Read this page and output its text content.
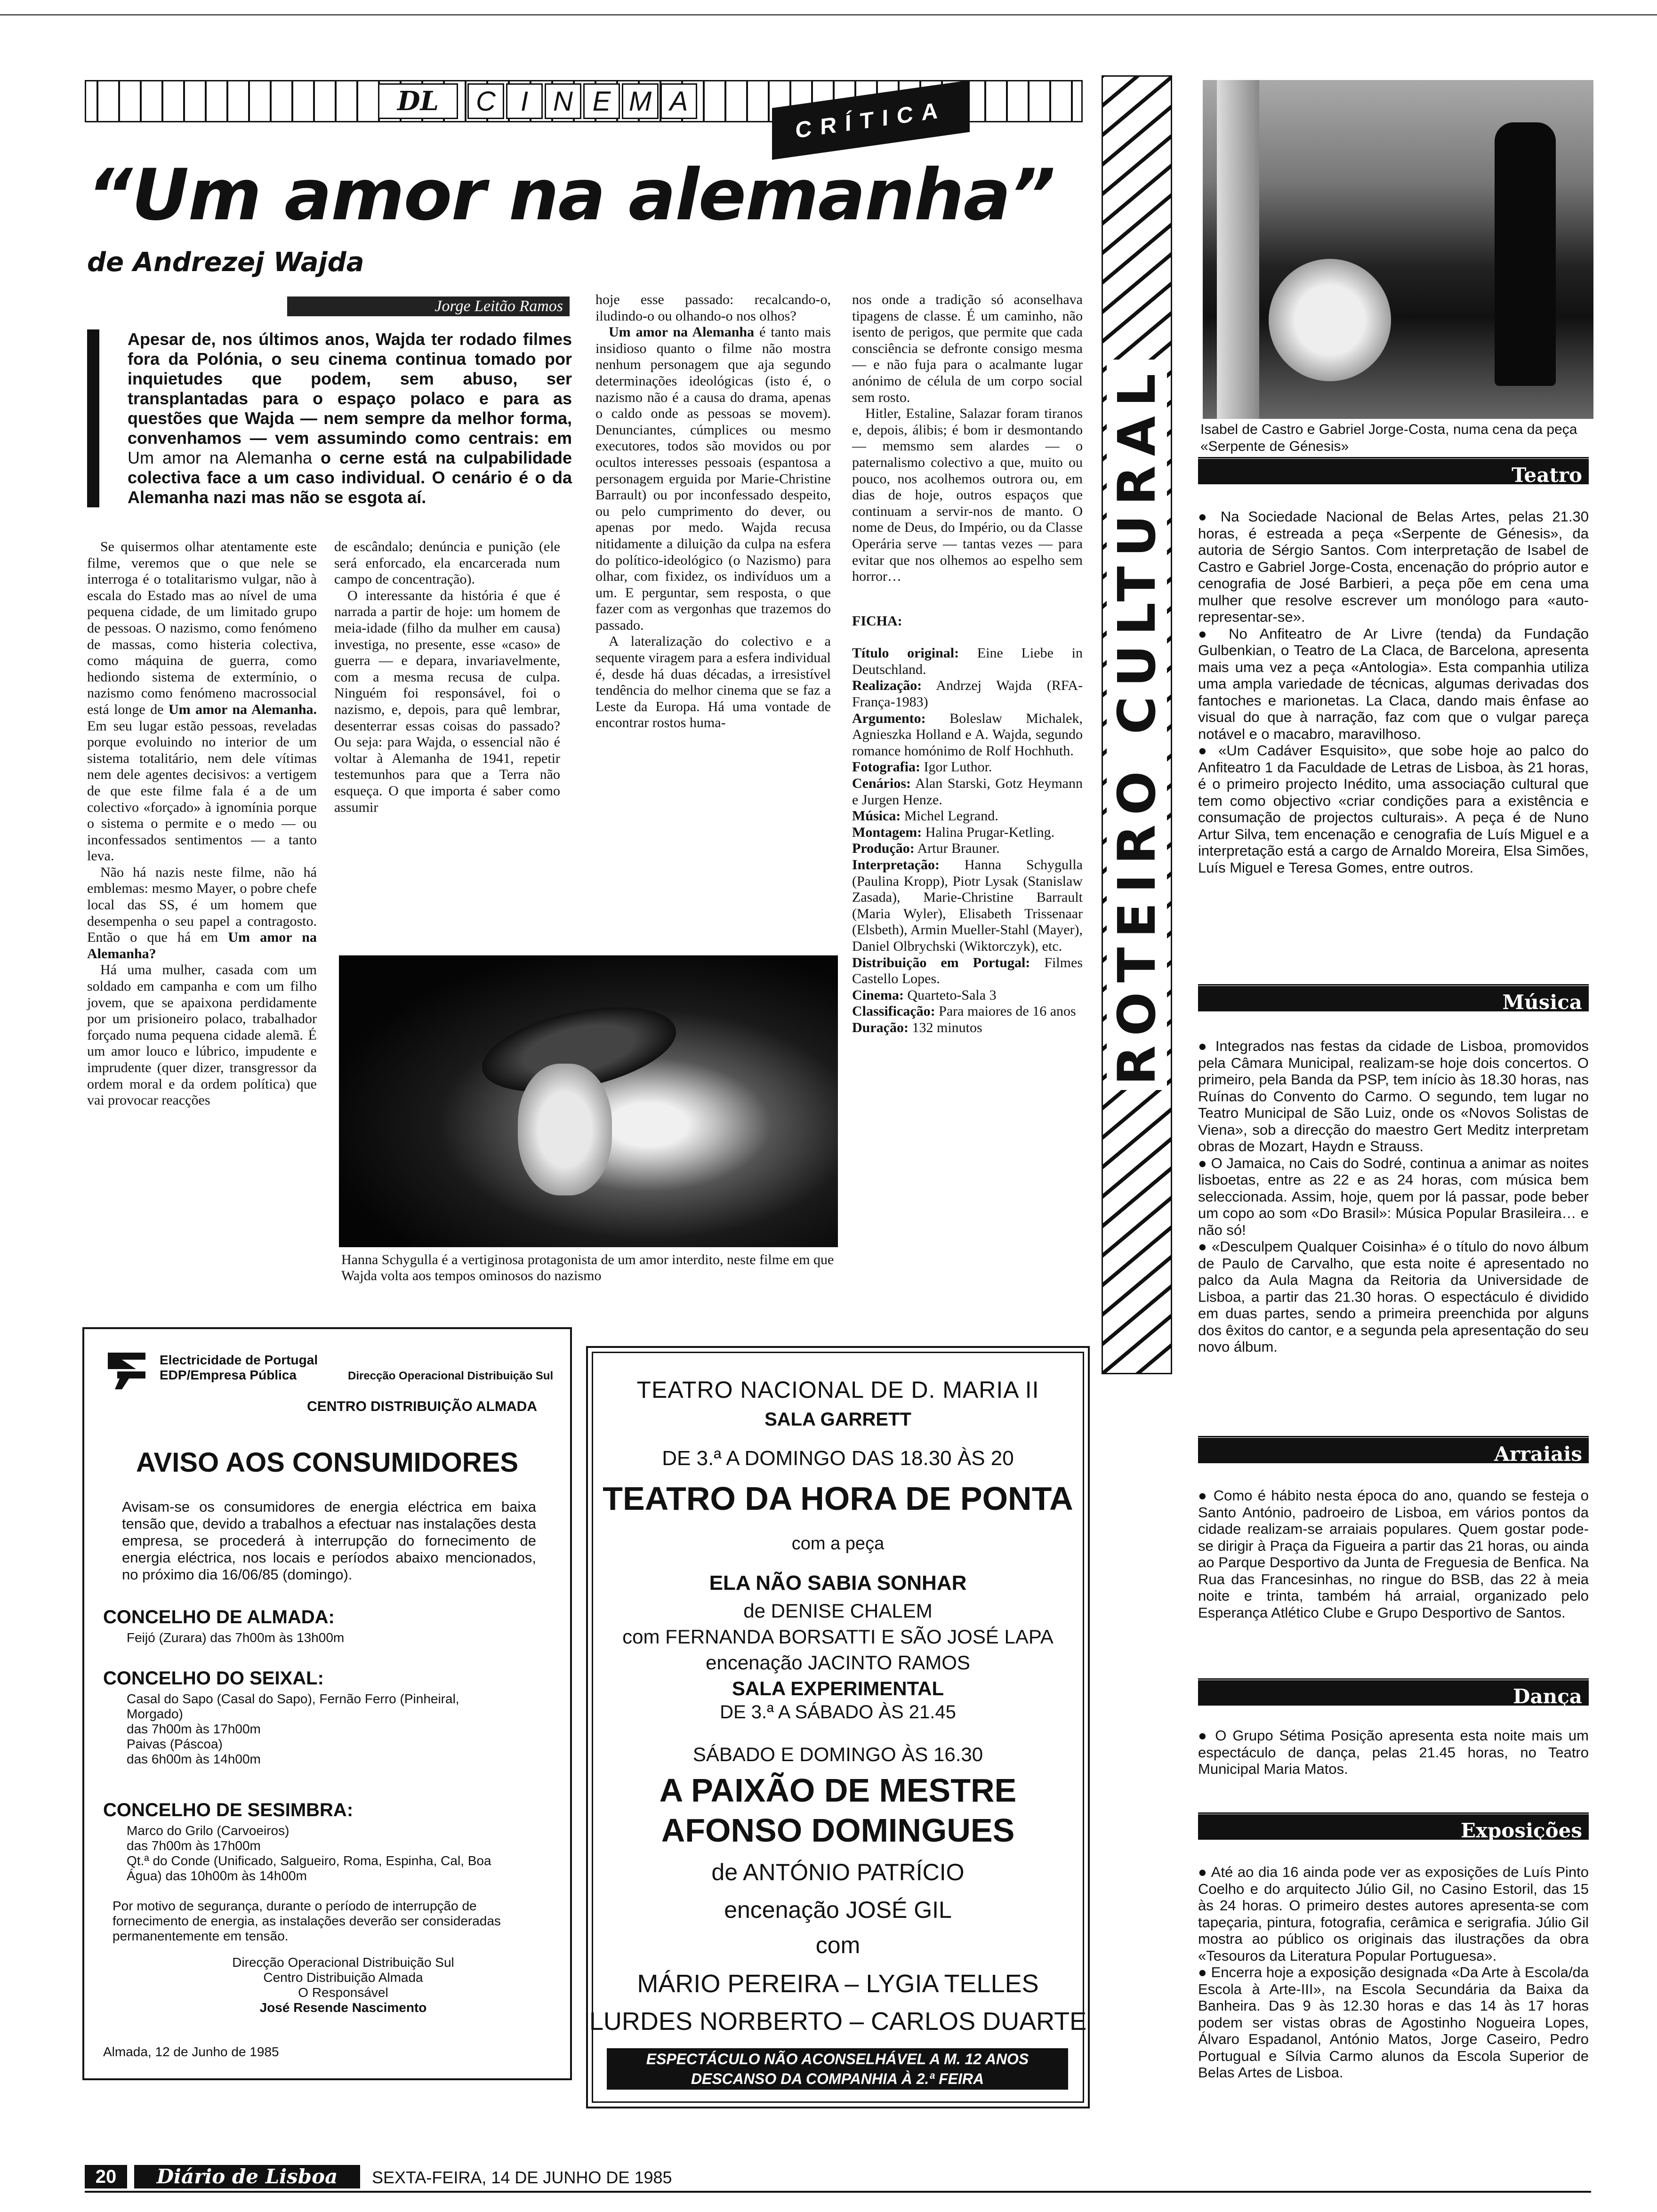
DL	C I N E M A	CRÍTICA
“Um amor na alemanha”
de Andrezej Wajda
Jorge Leitão Ramos
Apesar de, nos últimos anos, Wajda ter rodado filmes fora da Polónia, o seu cinema continua tomado por inquietudes que podem, sem abuso, ser transplantadas para o espaço polaco e para as questões que Wajda — nem sempre da melhor forma, convenhamos — vem assumindo como centrais: em Um amor na Alemanha o cerne está na culpabilidade colectiva face a um caso individual. O cenário é o da Alemanha nazi mas não se esgota aí.

Se quisermos olhar atentamente este filme, veremos que o que nele se interroga é o totalitarismo vulgar, não à escala do Estado mas ao nível de uma pequena cidade, de um limitado grupo de pessoas. O nazismo, como fenómeno de massas, como histeria colectiva, como máquina de guerra, como hediondo sistema de extermínio, o nazismo como fenómeno macrossocial está longe de Um amor na Alemanha. Em seu lugar estão pessoas, reveladas porque evoluindo no interior de um sistema totalitário, nem dele vítimas nem dele agentes decisivos: a vertigem de que este filme fala é a de um colectivo «forçado» à ignomínia porque o sistema o permite e o medo — ou inconfessados sentimentos — a tanto leva.

Não há nazis neste filme, não há emblemas: mesmo Mayer, o pobre chefe local das SS, é um homem que desempenha o seu papel a contragosto. Então o que há em Um amor na Alemanha?

Há uma mulher, casada com um soldado em campanha e com um filho jovem, que se apaixona perdidamente por um prisioneiro polaco, trabalhador forçado numa pequena cidade alemã. É um amor louco e lúbrico, impudente e imprudente (quer dizer, transgressor da ordem moral e da ordem política) que vai provocar reacções

de escândalo; denúncia e punição (ele será enforcado, ela encarcerada num campo de concentração).

O interessante da história é que é narrada a partir de hoje: um homem de meia-idade (filho da mulher em causa) investiga, no presente, esse «caso» de guerra — e depara, invariavelmente, com a mesma recusa de culpa. Ninguém foi responsável, foi o nazismo, e, depois, para quê lembrar, desenterrar essas coisas do passado? Ou seja: para Wajda, o essencial não é voltar à Alemanha de 1941, repetir testemunhos para que a Terra não esqueça. O que importa é saber como assumir

hoje esse passado: recalcando-o, iludindo-o ou olhando-o nos olhos?

Um amor na Alemanha é tanto mais insidioso quanto o filme não mostra nenhum personagem que aja segundo determinações ideológicas (isto é, o nazismo não é a causa do drama, apenas o caldo onde as pessoas se movem). Denunciantes, cúmplices ou mesmo executores, todos são movidos ou por ocultos interesses pessoais (espantosa a personagem erguida por Marie-Christine Barrault) ou por inconfessado despeito, ou pelo cumprimento do dever, ou apenas por medo. Wajda recusa nitidamente a diluição da culpa na esfera do político-ideológico (o Nazismo) para olhar, com fixidez, os indivíduos um a um. E perguntar, sem resposta, o que fazer com as vergonhas que trazemos do passado.

A lateralização do colectivo e a sequente viragem para a esfera individual é, desde há duas décadas, a irresistível tendência do melhor cinema que se faz a Leste da Europa. Há uma vontade de encontrar rostos huma-

nos onde a tradição só aconselhava tipagens de classe. É um caminho, não isento de perigos, que permite que cada consciência se defronte consigo mesma — e não fuja para o acalmante lugar anónimo de célula de um corpo social sem rosto.

Hitler, Estaline, Salazar foram tiranos e, depois, álibis; é bom ir desmontando — memsmo sem alardes — o paternalismo colectivo a que, muito ou pouco, nos acolhemos outrora ou, em dias de hoje, outros espaços que continuam a servir-nos de manto. O nome de Deus, do Império, ou da Classe Operária serve — tantas vezes — para evitar que nos olhemos ao espelho sem horror…

FICHA:

Título original: Eine Liebe in Deutschland.

Realização: Andrzej Wajda (RFA-França-1983)

Argumento: Boleslaw Michalek, Agnieszka Holland e A. Wajda, segundo romance homónimo de Rolf Hochhuth.

Fotografia: Igor Luthor.

Cenários: Alan Starski, Gotz Heymann e Jurgen Henze.

Música: Michel Legrand.

Montagem: Halina Prugar-Ketling.

Produção: Artur Brauner.

Interpretação: Hanna Schygulla (Paulina Kropp), Piotr Lysak (Stanislaw Zasada), Marie-Christine Barrault (Maria Wyler), Elisabeth Trissenaar (Elsbeth), Armin Mueller-Stahl (Mayer), Daniel Olbrychski (Wiktorczyk), etc.

Distribuição em Portugal: Filmes Castello Lopes.

Cinema: Quarteto-Sala 3

Classificação: Para maiores de 16 anos

Duração: 132 minutos

Hanna Schygulla é a vertiginosa protagonista de um amor interdito, neste filme em que Wajda volta aos tempos ominosos do nazismo
ROTEIRO CULTURAL Isabel de Castro e Gabriel Jorge-Costa, numa cena da peça «Serpente de Génesis»
Teatro

● Na Sociedade Nacional de Belas Artes, pelas 21.30 horas, é estreada a peça «Serpente de Génesis», da autoria de Sérgio Santos. Com interpretação de Isabel de Castro e Gabriel Jorge-Costa, encenação do próprio autor e cenografia de José Barbieri, a peça põe em cena uma mulher que resolve escrever um monólogo para «auto-representar-se».

● No Anfiteatro de Ar Livre (tenda) da Fundação Gulbenkian, o Teatro de La Claca, de Barcelona, apresenta mais uma vez a peça «Antologia». Esta companhia utiliza uma ampla variedade de técnicas, algumas derivadas dos fantoches e marionetas. La Claca, dando mais ênfase ao visual do que à narração, faz com que o vulgar pareça notável e o macabro, maravilhoso.

● «Um Cadáver Esquisito», que sobe hoje ao palco do Anfiteatro 1 da Faculdade de Letras de Lisboa, às 21 horas, é o primeiro projecto Inédito, uma associação cultural que tem como objectivo «criar condições para a existência e consumação de projectos culturais». A peça é de Nuno Artur Silva, tem encenação e cenografia de Luís Miguel e a interpretação está a cargo de Arnaldo Moreira, Elsa Simões, Luís Miguel e Teresa Gomes, entre outros.

Música

● Integrados nas festas da cidade de Lisboa, promovidos pela Câmara Municipal, realizam-se hoje dois concertos. O primeiro, pela Banda da PSP, tem início às 18.30 horas, nas Ruínas do Convento do Carmo. O segundo, tem lugar no Teatro Municipal de São Luiz, onde os «Novos Solistas de Viena», sob a direcção do maestro Gert Meditz interpretam obras de Mozart, Haydn e Strauss.

● O Jamaica, no Cais do Sodré, continua a animar as noites lisboetas, entre as 22 e as 24 horas, com música bem seleccionada. Assim, hoje, quem por lá passar, pode beber um copo ao som «Do Brasil»: Música Popular Brasileira… e não só!

● «Desculpem Qualquer Coisinha» é o título do novo álbum de Paulo de Carvalho, que esta noite é apresentado no palco da Aula Magna da Reitoria da Universidade de Lisboa, a partir das 21.30 horas. O espectáculo é dividido em duas partes, sendo a primeira preenchida por alguns dos êxitos do cantor, e a segunda pela apresentação do seu novo álbum.

Arraiais

● Como é hábito nesta época do ano, quando se festeja o Santo António, padroeiro de Lisboa, em vários pontos da cidade realizam-se arraiais populares. Quem gostar pode-se dirigir à Praça da Figueira a partir das 21 horas, ou ainda ao Parque Desportivo da Junta de Freguesia de Benfica. Na Rua das Francesinhas, no ringue do BSB, das 22 à meia noite e trinta, também há arraial, organizado pelo Esperança Atlético Clube e Grupo Desportivo de Santos.

Dança

● O Grupo Sétima Posição apresenta esta noite mais um espectáculo de dança, pelas 21.45 horas, no Teatro Municipal Maria Matos.

Exposições

● Até ao dia 16 ainda pode ver as exposições de Luís Pinto Coelho e do arquitecto Júlio Gil, no Casino Estoril, das 15 às 24 horas. O primeiro destes autores apresenta-se com tapeçaria, pintura, fotografia, cerâmica e serigrafia. Júlio Gil mostra ao público os originais das ilustrações da obra «Tesouros da Literatura Popular Portuguesa».

● Encerra hoje a exposição designada «Da Arte à Escola/da Escola à Arte-III», na Escola Secundária da Baixa da Banheira. Das 9 às 12.30 horas e das 14 às 17 horas podem ser vistas obras de Agostinho Nogueira Lopes, Álvaro Espadanol, António Matos, Jorge Caseiro, Pedro Portugual e Sílvia Carmo alunos da Escola Superior de Belas Artes de Lisboa.

Electricidade de Portugal
EDP/Empresa Pública	Direcção Operacional Distribuição Sul
CENTRO DISTRIBUIÇÃO ALMADA
AVISO AOS CONSUMIDORES
Avisam-se os consumidores de energia eléctrica em baixa tensão que, devido a trabalhos a efectuar nas instalações desta empresa, se procederá à interrupção do fornecimento de energia eléctrica, nos locais e períodos abaixo mencionados, no próximo dia 16/06/85 (domingo).
CONCELHO DE ALMADA:
Feijó (Zurara) das 7h00m às 13h00m
CONCELHO DO SEIXAL:
Casal do Sapo (Casal do Sapo), Fernão Ferro (Pinheiral, Morgado)
das 7h00m às 17h00m
Paivas (Páscoa)
das 6h00m às 14h00m
CONCELHO DE SESIMBRA:
Marco do Grilo (Carvoeiros)
das 7h00m às 17h00m
Qt.ª do Conde (Unificado, Salgueiro, Roma, Espinha, Cal, Boa Água) das 10h00m às 14h00m
Por motivo de segurança, durante o período de interrupção de fornecimento de energia, as instalações deverão ser consideradas permanentemente em tensão.
Direcção Operacional Distribuição Sul
Centro Distribuição Almada
O Responsável
José Resende Nascimento
Almada, 12 de Junho de 1985
TEATRO NACIONAL DE D. MARIA II
SALA GARRETT
DE 3.ª A DOMINGO DAS 18.30 ÀS 20
TEATRO DA HORA DE PONTA
com a peça
ELA NÃO SABIA SONHAR
de DENISE CHALEM
com FERNANDA BORSATTI E SÃO JOSÉ LAPA
encenação JACINTO RAMOS
SALA EXPERIMENTAL
DE 3.ª A SÁBADO ÀS 21.45
SÁBADO E DOMINGO ÀS 16.30
A PAIXÃO DE MESTRE
AFONSO DOMINGUES
de ANTÓNIO PATRÍCIO
encenação JOSÉ GIL
com
MÁRIO PEREIRA – LYGIA TELLES
LURDES NORBERTO – CARLOS DUARTE
ESPECTÁCULO NÃO ACONSELHÁVEL A M. 12 ANOS
DESCANSO DA COMPANHIA À 2.ª FEIRA
20	Diário de Lisboa	SEXTA-FEIRA, 14 DE JUNHO DE 1985
